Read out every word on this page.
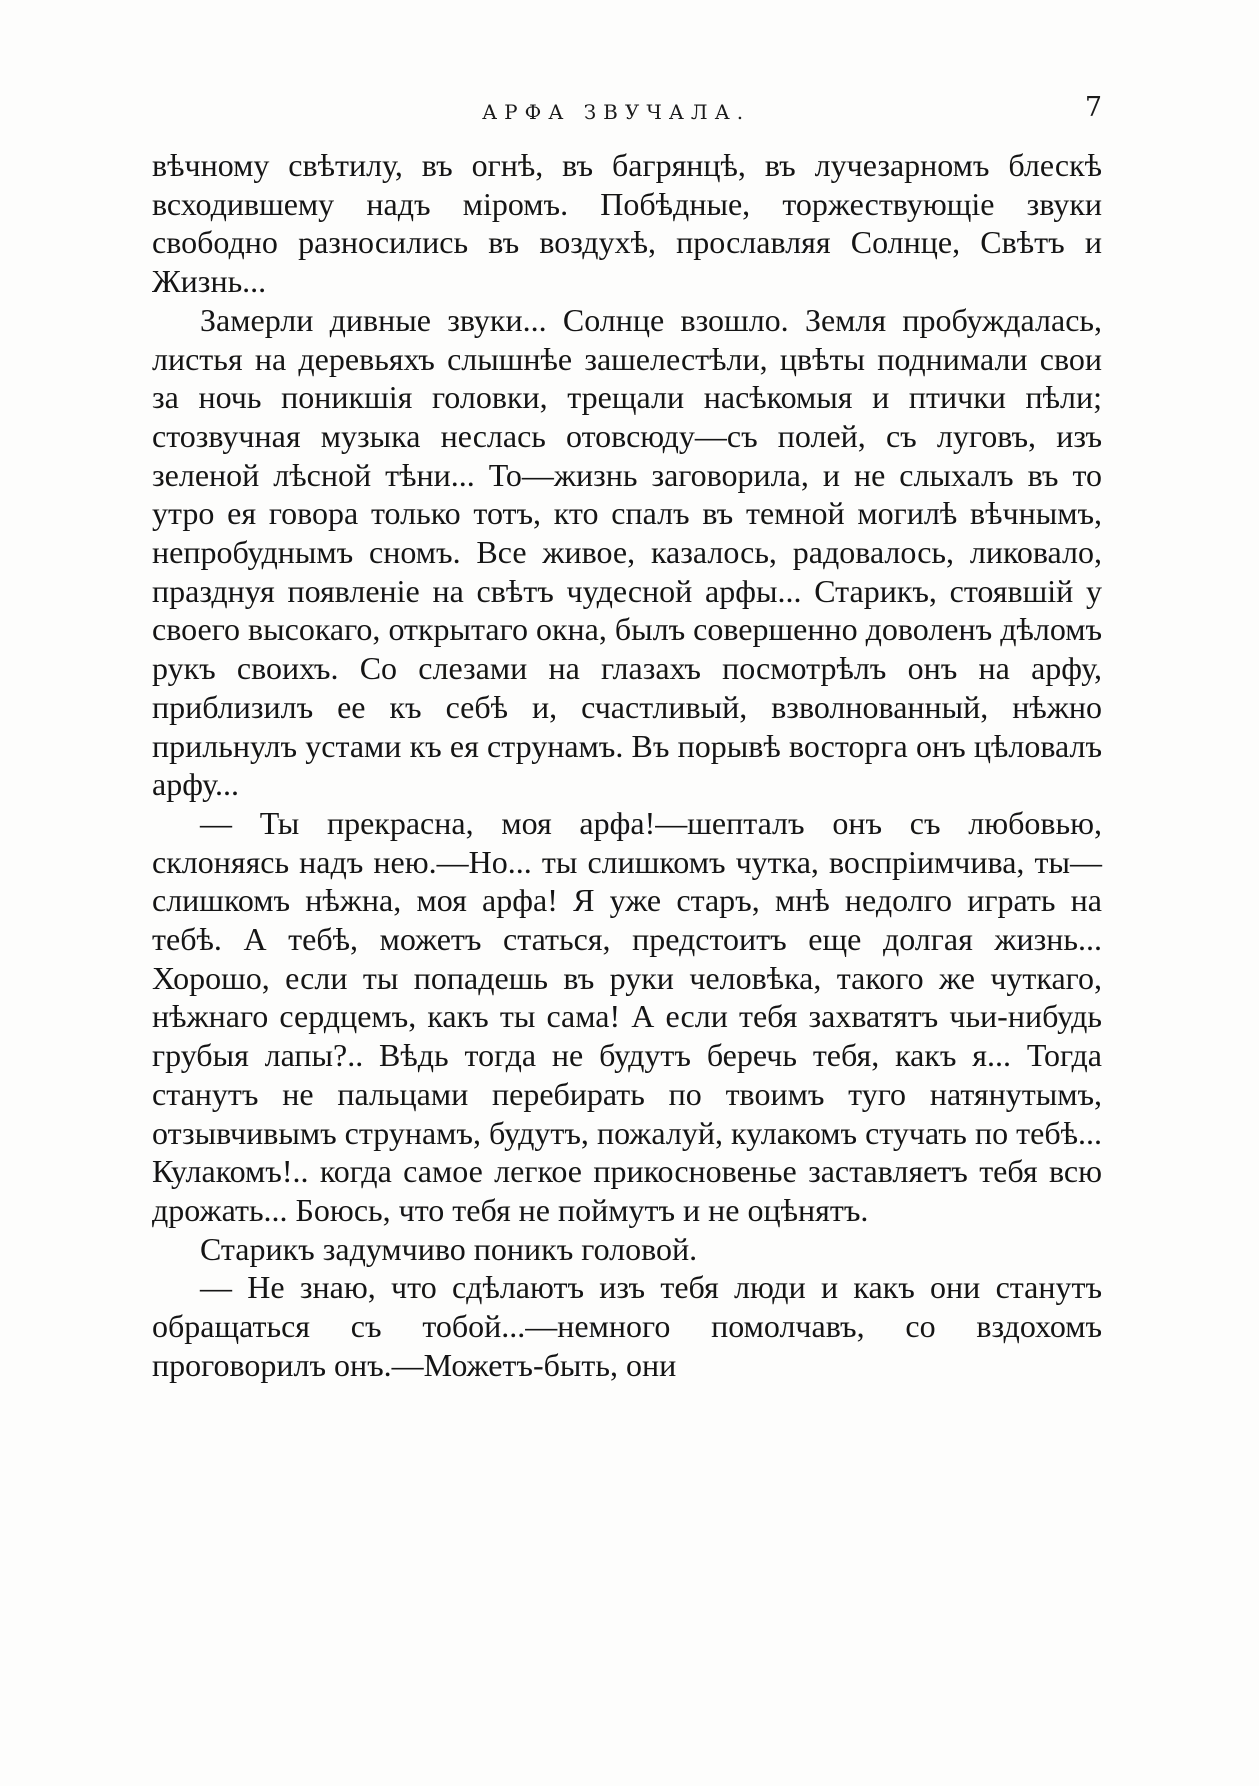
АРФА ЗВУЧАЛА.	7

вѣчному свѣтилу, въ огнѣ, въ багрянцѣ, въ лучезарномъ блескѣ всходившему надъ міромъ. Побѣдные, торжествующіе звуки свободно разносились въ воздухѣ, прославляя Солнце, Свѣтъ и Жизнь...

Замерли дивные звуки... Солнце взошло. Земля пробуждалась, листья на деревьяхъ слышнѣе зашелестѣли, цвѣты поднимали свои за ночь поникшія головки, трещали насѣкомыя и птички пѣли; стозвучная музыка неслась отовсюду—съ полей, съ луговъ, изъ зеленой лѣсной тѣни... То—жизнь заговорила, и не слыхалъ въ то утро ея говора только тотъ, кто спалъ въ темной могилѣ вѣчнымъ, непробуднымъ сномъ. Все живое, казалось, радовалось, ликовало, празднуя появленіе на свѣтъ чудесной арфы... Старикъ, стоявшій у своего высокаго, открытаго окна, былъ совершенно доволенъ дѣломъ рукъ своихъ. Со слезами на глазахъ посмотрѣлъ онъ на арфу, приблизилъ ее къ себѣ и, счастливый, взволнованный, нѣжно прильнулъ устами къ ея струнамъ. Въ порывѣ восторга онъ цѣловалъ арфу...

— Ты прекрасна, моя арфа!—шепталъ онъ съ любовью, склоняясь надъ нею.—Но... ты слишкомъ чутка, воспріимчива, ты—слишкомъ нѣжна, моя арфа! Я уже старъ, мнѣ недолго играть на тебѣ. А тебѣ, можетъ статься, предстоитъ еще долгая жизнь... Хорошо, если ты попадешь въ руки человѣка, такого же чуткаго, нѣжнаго сердцемъ, какъ ты сама! А если тебя захватятъ чьи-нибудь грубыя лапы?.. Вѣдь тогда не будутъ беречь тебя, какъ я... Тогда станутъ не пальцами перебирать по твоимъ туго натянутымъ, отзывчивымъ струнамъ, будутъ, пожалуй, кулакомъ стучать по тебѣ... Кулакомъ!.. когда самое легкое прикосновенье заставляетъ тебя всю дрожать... Боюсь, что тебя не поймутъ и не оцѣнятъ.

Старикъ задумчиво поникъ головой.

— Не знаю, что сдѣлаютъ изъ тебя люди и какъ они станутъ обращаться съ тобой...—немного помолчавъ, со вздохомъ проговорилъ онъ.—Можетъ-быть, они
